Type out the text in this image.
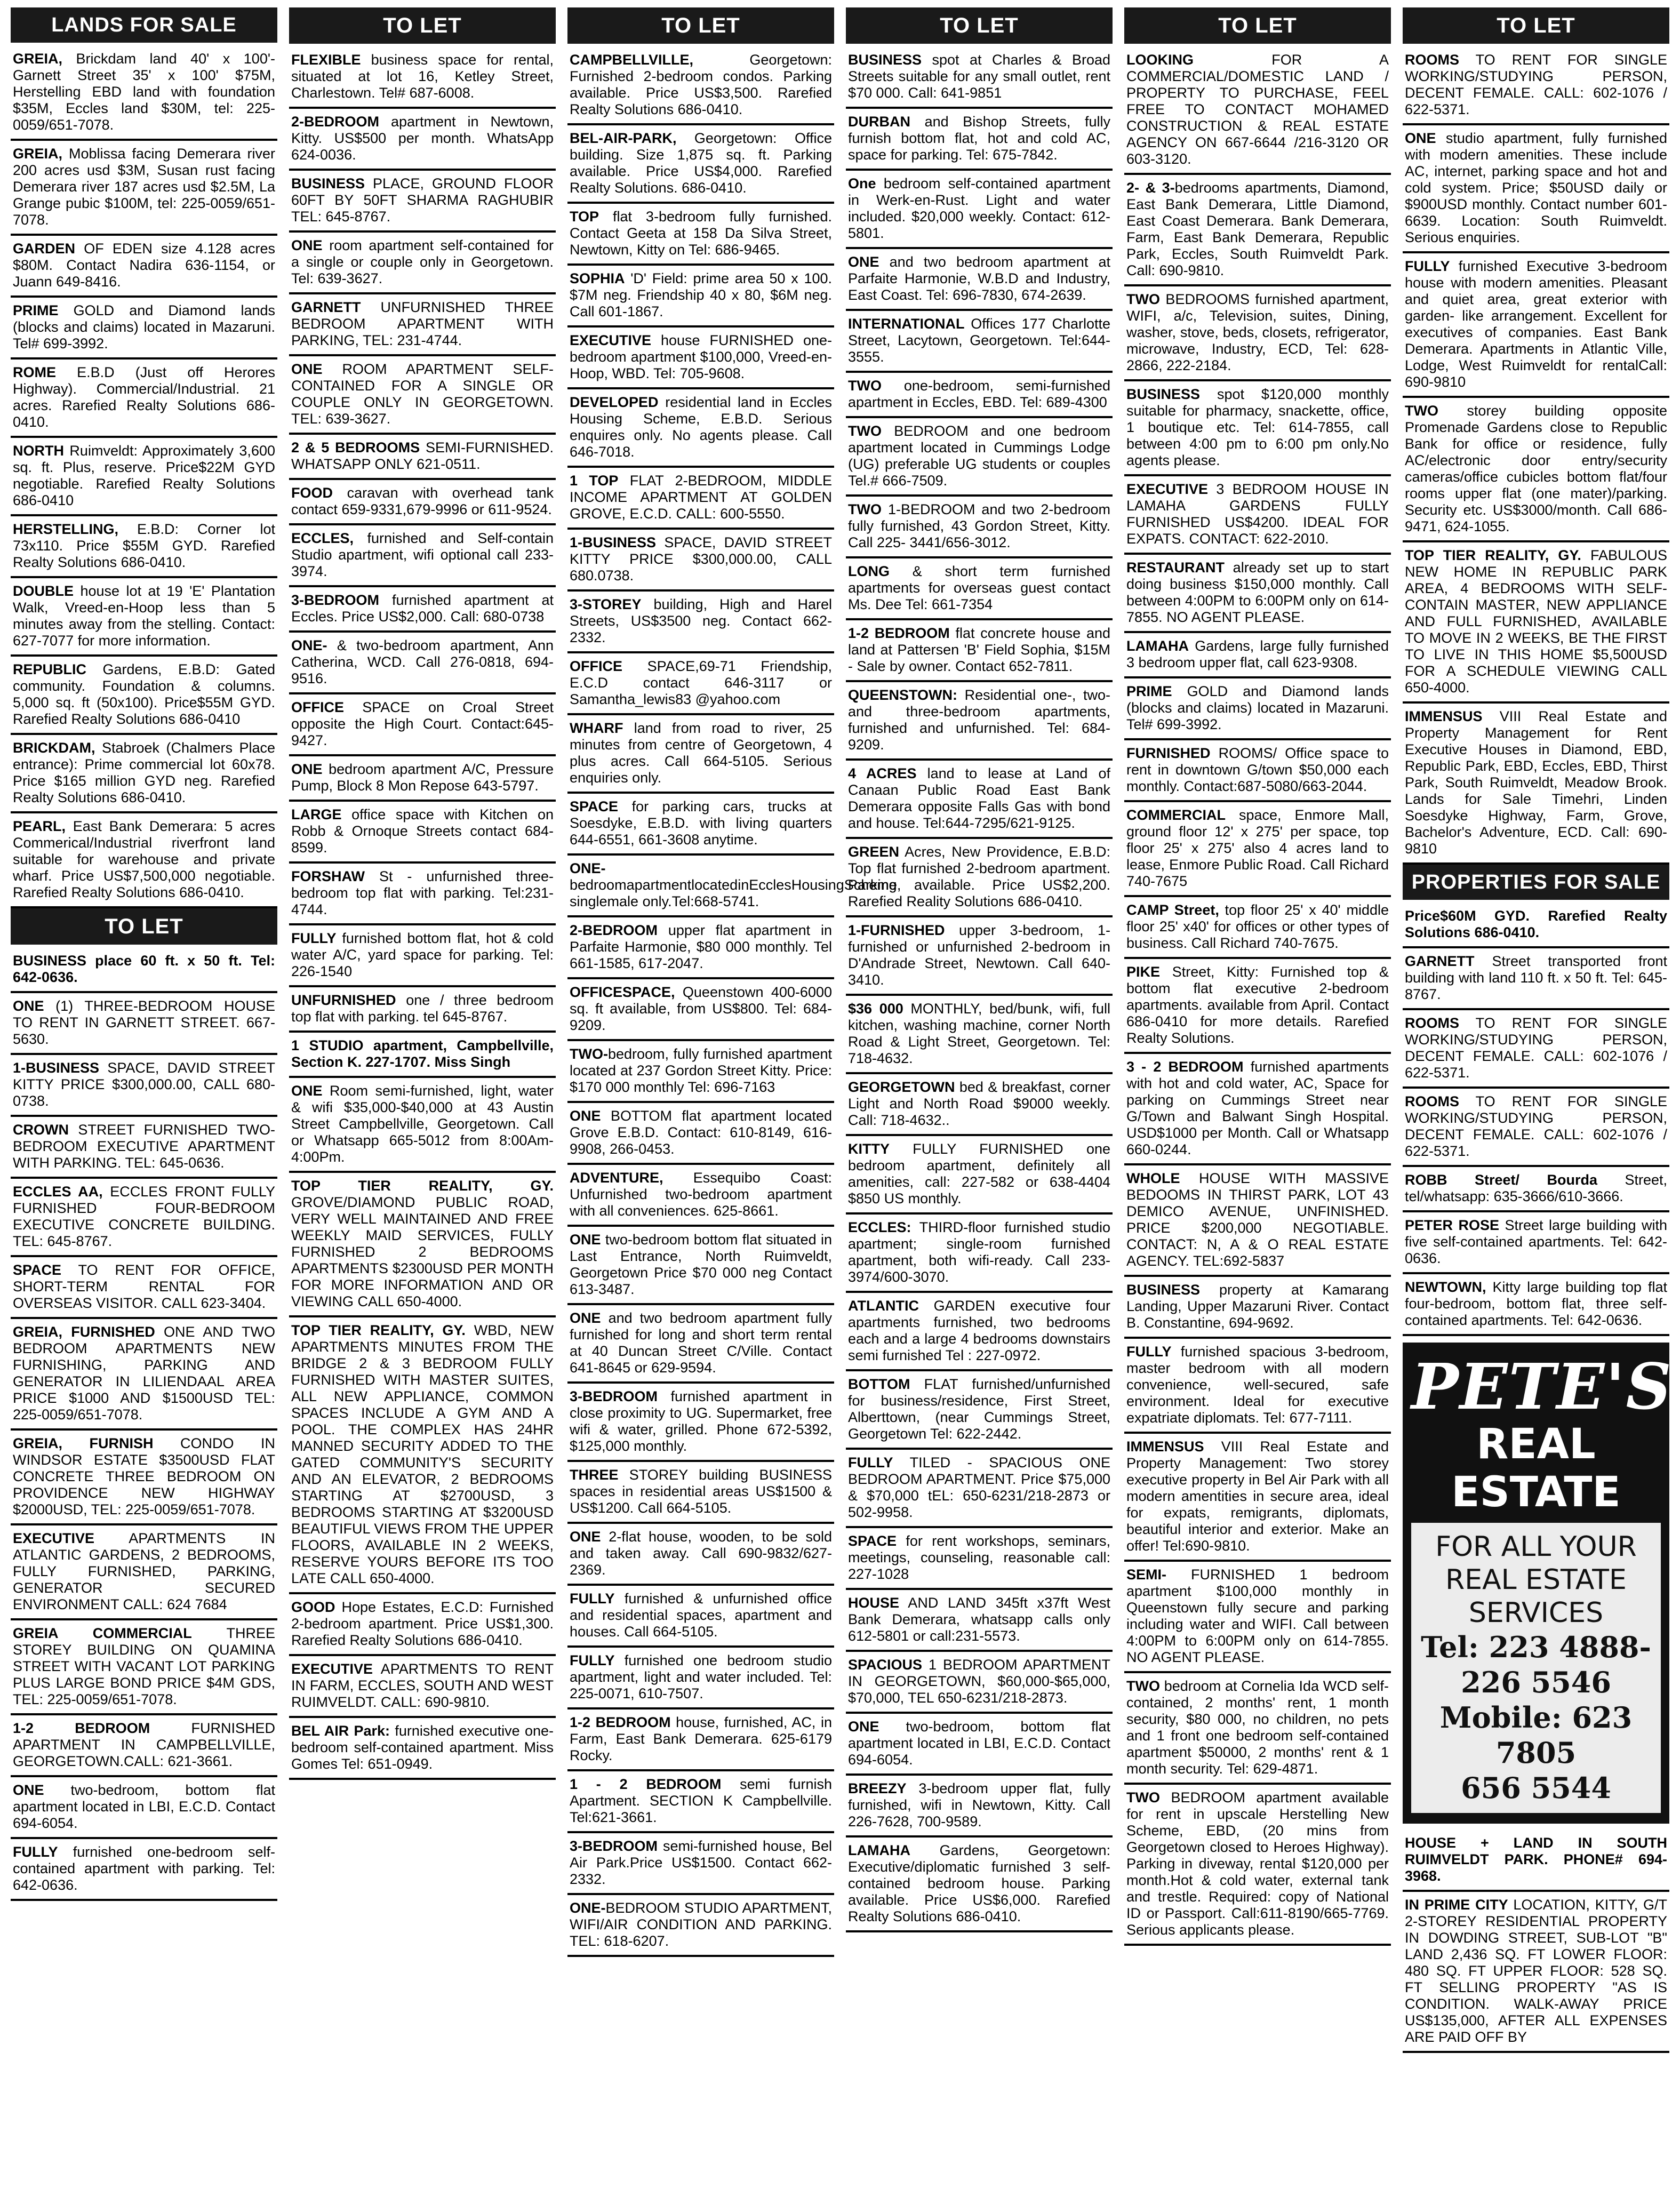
LANDS FOR SALE
GREIA, Brickdam land 40' x 100'-Garnett Street 35' x 100' $75M, Herstelling EBD land with foundation $35M, Eccles land $30M, tel: 225-0059/651-7078.
GREIA, Moblissa facing Demerara river 200 acres usd $3M, Susan rust facing Demerara river 187 acres usd $2.5M, La Grange pubic $100M, tel: 225-0059/651-7078.
GARDEN OF EDEN size 4.128 acres $80M. Contact Nadira 636-1154, or Juann 649-8416.
PRIME GOLD and Diamond lands (blocks and claims) located in Mazaruni. Tel# 699-3992.
ROME E.B.D (Just off Herores Highway). Commercial/Industrial. 21 acres. Rarefied Realty Solutions 686-0410.
NORTH Ruimveldt: Approximately 3,600 sq. ft. Plus, reserve. Price$22M GYD negotiable. Rarefied Realty Solutions 686-0410
HERSTELLING, E.B.D: Corner lot 73x110. Price $55M GYD. Rarefied Realty Solutions 686-0410.
DOUBLE house lot at 19 'E' Plantation Walk, Vreed-en-Hoop less than 5 minutes away from the stelling. Contact: 627-7077 for more information.
REPUBLIC Gardens, E.B.D: Gated community. Foundation & columns. 5,000 sq. ft (50x100). Price$55M GYD. Rarefied Realty Solutions 686-0410
BRICKDAM, Stabroek (Chalmers Place entrance): Prime commercial lot 60x78. Price $165 million GYD neg. Rarefied Realty Solutions 686-0410.
PEARL, East Bank Demerara: 5 acres Commerical/Industrial riverfront land suitable for warehouse and private wharf. Price US$7,500,000 negotiable. Rarefied Realty Solutions 686-0410.
TO LET
BUSINESS place 60 ft. x 50 ft. Tel: 642-0636.
ONE (1) THREE-BEDROOM HOUSE TO RENT IN GARNETT STREET. 667-5630.
1-BUSINESS SPACE, DAVID STREET KITTY PRICE $300,000.00, CALL 680-0738.
CROWN STREET FURNISHED TWO-BEDROOM EXECUTIVE APARTMENT WITH PARKING. TEL: 645-0636.
ECCLES AA, ECCLES FRONT FULLY FURNISHED FOUR-BEDROOM EXECUTIVE CONCRETE BUILDING. TEL: 645-8767.
SPACE TO RENT FOR OFFICE, SHORT-TERM RENTAL FOR OVERSEAS VISITOR. CALL 623-3404.
GREIA, FURNISHED ONE AND TWO BEDROOM APARTMENTS NEW FURNISHING, PARKING AND GENERATOR IN LILIENDAAL AREA PRICE $1000 AND $1500USD TEL: 225-0059/651-7078.
GREIA, FURNISH CONDO IN WINDSOR ESTATE $3500USD FLAT CONCRETE THREE BEDROOM ON PROVIDENCE NEW HIGHWAY $2000USD, TEL: 225-0059/651-7078.
EXECUTIVE APARTMENTS IN ATLANTIC GARDENS, 2 BEDROOMS, FULLY FURNISHED, PARKING, GENERATOR SECURED ENVIRONMENT CALL: 624 7684
GREIA COMMERCIAL THREE STOREY BUILDING ON QUAMINA STREET WITH VACANT LOT PARKING PLUS LARGE BOND PRICE $4M GDS, TEL: 225-0059/651-7078.
1-2 BEDROOM FURNISHED APARTMENT IN CAMPBELLVILLE, GEORGETOWN.CALL: 621-3661.
ONE two-bedroom, bottom flat apartment located in LBI, E.C.D. Contact 694-6054.
FULLY furnished one-bedroom self-contained apartment with parking. Tel: 642-0636.
TO LET
FLEXIBLE business space for rental, situated at lot 16, Ketley Street, Charlestown. Tel# 687-6008.
2-BEDROOM apartment in Newtown, Kitty. US$500 per month. WhatsApp 624-0036.
BUSINESS PLACE, GROUND FLOOR 60FT BY 50FT SHARMA RAGHUBIR TEL: 645-8767.
ONE room apartment self-contained for a single or couple only in Georgetown. Tel: 639-3627.
GARNETT UNFURNISHED THREE BEDROOM APARTMENT WITH PARKING, TEL: 231-4744.
ONE ROOM APARTMENT SELF-CONTAINED FOR A SINGLE OR COUPLE ONLY IN GEORGETOWN. TEL: 639-3627.
2 & 5 BEDROOMS SEMI-FURNISHED. WHATSAPP ONLY 621-0511.
FOOD caravan with overhead tank contact 659-9331,679-9996 or 611-9524.
ECCLES, furnished and Self-contain Studio apartment, wifi optional call 233-3974.
3-BEDROOM furnished apartment at Eccles. Price US$2,000. Call: 680-0738
ONE- & two-bedroom apartment, Ann Catherina, WCD. Call 276-0818, 694-9516.
OFFICE SPACE on Croal Street opposite the High Court. Contact:645-9427.
ONE bedroom apartment A/C, Pressure Pump, Block 8 Mon Repose 643-5797.
LARGE office space with Kitchen on Robb & Ornoque Streets contact 684-8599.
FORSHAW St - unfurnished three-bedroom top flat with parking. Tel:231-4744.
FULLY furnished bottom flat, hot & cold water A/C, yard space for parking. Tel: 226-1540
UNFURNISHED one / three bedroom top flat with parking. tel 645-8767.
1 STUDIO apartment, Campbellville, Section K. 227-1707. Miss Singh
ONE Room semi-furnished, light, water & wifi $35,000-$40,000 at 43 Austin Street Campbellville, Georgetown. Call or Whatsapp 665-5012 from 8:00Am-4:00Pm.
TOP TIER REALITY, GY. GROVE/DIAMOND PUBLIC ROAD, VERY WELL MAINTAINED AND FREE WEEKLY MAID SERVICES, FULLY FURNISHED 2 BEDROOMS APARTMENTS $2300USD PER MONTH FOR MORE INFORMATION AND OR VIEWING CALL 650-4000.
TOP TIER REALITY, GY. WBD, NEW APARTMENTS MINUTES FROM THE BRIDGE 2 & 3 BEDROOM FULLY FURNISHED WITH MASTER SUITES, ALL NEW APPLIANCE, COMMON SPACES INCLUDE A GYM AND A POOL. THE COMPLEX HAS 24HR MANNED SECURITY ADDED TO THE GATED COMMUNITY'S SECURITY AND AN ELEVATOR, 2 BEDROOMS STARTING AT $2700USD, 3 BEDROOMS STARTING AT $3200USD BEAUTIFUL VIEWS FROM THE UPPER FLOORS, AVAILABLE IN 2 WEEKS, RESERVE YOURS BEFORE ITS TOO LATE CALL 650-4000.
GOOD Hope Estates, E.C.D: Furnished 2-bedroom apartment. Price US$1,300. Rarefied Realty Solutions 686-0410.
EXECUTIVE APARTMENTS TO RENT IN FARM, ECCLES, SOUTH AND WEST RUIMVELDT. CALL: 690-9810.
BEL AIR Park: furnished executive one-bedroom self-contained apartment. Miss Gomes Tel: 651-0949.
TO LET
CAMPBELLVILLE, Georgetown: Furnished 2-bedroom condos. Parking available. Price US$3,500. Rarefied Realty Solutions 686-0410.
BEL-AIR-PARK, Georgetown: Office building. Size 1,875 sq. ft. Parking available. Price US$4,000. Rarefied Realty Solutions. 686-0410.
TOP flat 3-bedroom fully furnished. Contact Geeta at 158 Da Silva Street, Newtown, Kitty on Tel: 686-9465.
SOPHIA 'D' Field: prime area 50 x 100. $7M neg. Friendship 40 x 80, $6M neg. Call 601-1867.
EXECUTIVE house FURNISHED one-bedroom apartment $100,000, Vreed-en-Hoop, WBD. Tel: 705-9608.
DEVELOPED residential land in Eccles Housing Scheme, E.B.D. Serious enquires only. No agents please. Call 646-7018.
1 TOP FLAT 2-BEDROOM, MIDDLE INCOME APARTMENT AT GOLDEN GROVE, E.C.D. CALL: 600-5550.
1-BUSINESS SPACE, DAVID STREET KITTY PRICE $300,000.00, CALL 680.0738.
3-STOREY building, High and Harel Streets, US$3500 neg. Contact 662-2332.
OFFICE SPACE,69-71 Friendship, E.C.D contact 646-3117 or Samantha_lewis83 @yahoo.com
WHARF land from road to river, 25 minutes from centre of Georgetown, 4 plus acres. Call 664-5105. Serious enquiries only.
SPACE for parking cars, trucks at Soesdyke, E.B.D. with living quarters 644-6551, 661-3608 anytime.
ONE-bedroomapartmentlocatedinEcclesHousingScheme, singlemale only.Tel:668-5741.
2-BEDROOM upper flat apartment in Parfaite Harmonie, $80 000 monthly. Tel 661-1585, 617-2047.
OFFICESPACE, Queenstown 400-6000 sq. ft available, from US$800. Tel: 684-9209.
TWO-bedroom, fully furnished apartment located at 237 Gordon Street Kitty. Price: $170 000 monthly Tel: 696-7163
ONE BOTTOM flat apartment located Grove E.B.D. Contact: 610-8149, 616-9908, 266-0453.
ADVENTURE, Essequibo Coast: Unfurnished two-bedroom apartment with all conveniences. 625-8661.
ONE two-bedroom bottom flat situated in Last Entrance, North Ruimveldt, Georgetown Price $70 000 neg Contact 613-3487.
ONE and two bedroom apartment fully furnished for long and short term rental at 40 Duncan Street C/Ville. Contact 641-8645 or 629-9594.
3-BEDROOM furnished apartment in close proximity to UG. Supermarket, free wifi & water, grilled. Phone 672-5392, $125,000 monthly.
THREE STOREY building BUSINESS spaces in residential areas US$1500 & US$1200. Call 664-5105.
ONE 2-flat house, wooden, to be sold and taken away. Call 690-9832/627-2369.
FULLY furnished & unfurnished office and residential spaces, apartment and houses. Call 664-5105.
FULLY furnished one bedroom studio apartment, light and water included. Tel: 225-0071, 610-7507.
1-2 BEDROOM house, furnished, AC, in Farm, East Bank Demerara. 625-6179 Rocky.
1 - 2 BEDROOM semi furnish Apartment. SECTION K Campbellville. Tel:621-3661.
3-BEDROOM semi-furnished house, Bel Air Park.Price US$1500. Contact 662-2332.
ONE-BEDROOM STUDIO APARTMENT, WIFI/AIR CONDITION AND PARKING. TEL: 618-6207.
TO LET
BUSINESS spot at Charles & Broad Streets suitable for any small outlet, rent $70 000. Call: 641-9851
DURBAN and Bishop Streets, fully furnish bottom flat, hot and cold AC, space for parking. Tel: 675-7842.
One bedroom self-contained apartment in Werk-en-Rust. Light and water included. $20,000 weekly. Contact: 612-5801.
ONE and two bedroom apartment at Parfaite Harmonie, W.B.D and Industry, East Coast. Tel: 696-7830, 674-2639.
INTERNATIONAL Offices 177 Charlotte Street, Lacytown, Georgetown. Tel:644-3555.
TWO one-bedroom, semi-furnished apartment in Eccles, EBD. Tel: 689-4300
TWO BEDROOM and one bedroom apartment located in Cummings Lodge (UG) preferable UG students or couples Tel.# 666-7509.
TWO 1-BEDROOM and two 2-bedroom fully furnished, 43 Gordon Street, Kitty. Call 225- 3441/656-3012.
LONG & short term furnished apartments for overseas guest contact Ms. Dee Tel: 661-7354
1-2 BEDROOM flat concrete house and land at Pattersen 'B' Field Sophia, $15M - Sale by owner. Contact 652-7811.
QUEENSTOWN: Residential one-, two- and three-bedroom apartments, furnished and unfurnished. Tel: 684-9209.
4 ACRES land to lease at Land of Canaan Public Road East Bank Demerara opposite Falls Gas with bond and house. Tel:644-7295/621-9125.
GREEN Acres, New Providence, E.B.D: Top flat furnished 2-bedroom apartment. Parking available. Price US$2,200. Rarefied Reality Solutions 686-0410.
1-FURNISHED upper 3-bedroom, 1-furnished or unfurnished 2-bedroom in D'Andrade Street, Newtown. Call 640-3410.
$36 000 MONTHLY, bed/bunk, wifi, full kitchen, washing machine, corner North Road & Light Street, Georgetown. Tel: 718-4632.
GEORGETOWN bed & breakfast, corner Light and North Road $9000 weekly. Call: 718-4632..
KITTY FULLY FURNISHED one bedroom apartment, definitely all amenities, call: 227-582 or 638-4404 $850 US monthly.
ECCLES: THIRD-floor furnished studio apartment; single-room furnished apartment, both wifi-ready. Call 233-3974/600-3070.
ATLANTIC GARDEN executive four apartments furnished, two bedrooms each and a large 4 bedrooms downstairs semi furnished Tel : 227-0972.
BOTTOM FLAT furnished/unfurnished for business/residence, First Street, Alberttown, (near Cummings Street, Georgetown Tel: 622-2442.
FULLY TILED - SPACIOUS ONE BEDROOM APARTMENT. Price $75,000 & $70,000 tEL: 650-6231/218-2873 or 502-9958.
SPACE for rent workshops, seminars, meetings, counseling, reasonable call: 227-1028
HOUSE AND LAND 345ft x37ft West Bank Demerara, whatsapp calls only 612-5801 or call:231-5573.
SPACIOUS 1 BEDROOM APARTMENT IN GEORGETOWN, $60,000-$65,000, $70,000, TEL 650-6231/218-2873.
ONE two-bedroom, bottom flat apartment located in LBI, E.C.D. Contact 694-6054.
BREEZY 3-bedroom upper flat, fully furnished, wifi in Newtown, Kitty. Call 226-7628, 700-9589.
LAMAHA Gardens, Georgetown: Executive/diplomatic furnished 3 self-contained bedroom house. Parking available. Price US$6,000. Rarefied Realty Solutions 686-0410.
TO LET
LOOKING FOR A COMMERCIAL/DOMESTIC LAND / PROPERTY TO PURCHASE, FEEL FREE TO CONTACT MOHAMED CONSTRUCTION & REAL ESTATE AGENCY ON 667-6644 /216-3120 OR 603-3120.
2- & 3-bedrooms apartments, Diamond, East Bank Demerara, Little Diamond, East Coast Demerara. Bank Demerara, Farm, East Bank Demerara, Republic Park, Eccles, South Ruimveldt Park. Call: 690-9810.
TWO BEDROOMS furnished apartment, WIFI, a/c, Television, suites, Dining, washer, stove, beds, closets, refrigerator, microwave, Industry, ECD, Tel: 628-2866, 222-2184.
BUSINESS spot $120,000 monthly suitable for pharmacy, snackette, office, 1 boutique etc. Tel: 614-7855, call between 4:00 pm to 6:00 pm only.No agents please.
EXECUTIVE 3 BEDROOM HOUSE IN LAMAHA GARDENS FULLY FURNISHED US$4200. IDEAL FOR EXPATS. CONTACT: 622-2010.
RESTAURANT already set up to start doing business $150,000 monthly. Call between 4:00PM to 6:00PM only on 614-7855. NO AGENT PLEASE.
LAMAHA Gardens, large fully furnished 3 bedroom upper flat, call 623-9308.
PRIME GOLD and Diamond lands (blocks and claims) located in Mazaruni. Tel# 699-3992.
FURNISHED ROOMS/ Office space to rent in downtown G/town $50,000 each monthly. Contact:687-5080/663-2044.
COMMERCIAL space, Enmore Mall, ground floor 12' x 275' per space, top floor 25' x 275' also 4 acres land to lease, Enmore Public Road. Call Richard 740-7675
CAMP Street, top floor 25' x 40' middle floor 25' x40' for offices or other types of business. Call Richard 740-7675.
PIKE Street, Kitty: Furnished top & bottom flat executive 2-bedroom apartments. available from April. Contact 686-0410 for more details. Rarefied Realty Solutions.
3 - 2 BEDROOM furnished apartments with hot and cold water, AC, Space for parking on Cummings Street near G/Town and Balwant Singh Hospital. USD$1000 per Month. Call or Whatsapp 660-0244.
WHOLE HOUSE WITH MASSIVE BEDOOMS IN THIRST PARK, LOT 43 DEMICO AVENUE, UNFINISHED. PRICE $200,000 NEGOTIABLE. CONTACT: N, A & O REAL ESTATE AGENCY. TEL:692-5837
BUSINESS property at Kamarang Landing, Upper Mazaruni River. Contact B. Constantine, 694-9692.
FULLY furnished spacious 3-bedroom, master bedroom with all modern convenience, well-secured, safe environment. Ideal for executive expatriate diplomats. Tel: 677-7111.
IMMENSUS VIII Real Estate and Property Management: Two storey executive property in Bel Air Park with all modern amentities in secure area, ideal for expats, remigrants, diplomats, beautiful interior and exterior. Make an offer! Tel:690-9810.
SEMI- FURNISHED 1 bedroom apartment $100,000 monthly in Queenstown fully secure and parking including water and WIFI. Call between 4:00PM to 6:00PM only on 614-7855. NO AGENT PLEASE.
TWO bedroom at Cornelia Ida WCD self-contained, 2 months' rent, 1 month security, $80 000, no children, no pets and 1 front one bedroom self-contained apartment $50000, 2 months' rent & 1 month security. Tel: 629-4871.
TWO BEDROOM apartment available for rent in upscale Herstelling New Scheme, EBD, (20 mins from Georgetown closed to Heroes Highway). Parking in diveway, rental $120,000 per month.Hot & cold water, external tank and trestle. Required: copy of National ID or Passport. Call:611-8190/665-7769. Serious applicants please.
TO LET
ROOMS TO RENT FOR SINGLE WORKING/STUDYING PERSON, DECENT FEMALE. CALL: 602-1076 / 622-5371.
ONE studio apartment, fully furnished with modern amenities. These include AC, internet, parking space and hot and cold system. Price; $50USD daily or $900USD monthly. Contact number 601-6639. Location: South Ruimveldt. Serious enquiries.
FULLY furnished Executive 3-bedroom house with modern amenities. Pleasant and quiet area, great exterior with garden- like arrangement. Excellent for executives of companies. East Bank Demerara. Apartments in Atlantic Ville, Lodge, West Ruimveldt for rentalCall: 690-9810
TWO storey building opposite Promenade Gardens close to Republic Bank for office or residence, fully AC/electronic door entry/security cameras/office cubicles bottom flat/four rooms upper flat (one mater)/parking. Security etc. US$3000/month. Call 686-9471, 624-1055.
TOP TIER REALITY, GY. FABULOUS NEW HOME IN REPUBLIC PARK AREA, 4 BEDROOMS WITH SELF-CONTAIN MASTER, NEW APPLIANCE AND FULL FURNISHED, AVAILABLE TO MOVE IN 2 WEEKS, BE THE FIRST TO LIVE IN THIS HOME $5,500USD FOR A SCHEDULE VIEWING CALL 650-4000.
IMMENSUS VIII Real Estate and Property Management for Rent Executive Houses in Diamond, EBD, Republic Park, EBD, Eccles, EBD, Thirst Park, South Ruimveldt, Meadow Brook. Lands for Sale Timehri, Linden Soesdyke Highway, Farm, Grove, Bachelor's Adventure, ECD. Call: 690-9810
PROPERTIES FOR SALE
Price$60M GYD. Rarefied Realty Solutions 686-0410.
GARNETT Street transported front building with land 110 ft. x 50 ft. Tel: 645-8767.
ROOMS TO RENT FOR SINGLE WORKING/STUDYING PERSON, DECENT FEMALE. CALL: 602-1076 / 622-5371.
ROOMS TO RENT FOR SINGLE WORKING/STUDYING PERSON, DECENT FEMALE. CALL: 602-1076 / 622-5371.
ROBB Street/ Bourda Street, tel/whatsapp: 635-3666/610-3666.
PETER ROSE Street large building with five self-contained apartments. Tel: 642-0636.
NEWTOWN, Kitty large building top flat four-bedroom, bottom flat, three self-contained apartments. Tel: 642-0636.
PETE'S
REAL ESTATE
FOR ALL YOUR REAL ESTATE SERVICES
Tel: 223 4888-
226 5546
Mobile: 623 7805
656 5544
HOUSE + LAND IN SOUTH RUIMVELDT PARK. PHONE# 694-3968.
IN PRIME CITY LOCATION, KITTY, G/T 2-STOREY RESIDENTIAL PROPERTY IN DOWDING STREET, SUB-LOT "B" LAND 2,436 SQ. FT LOWER FLOOR: 480 SQ. FT UPPER FLOOR: 528 SQ. FT SELLING PROPERTY "AS IS CONDITION. WALK-AWAY PRICE US$135,000, AFTER ALL EXPENSES ARE PAID OFF BY
